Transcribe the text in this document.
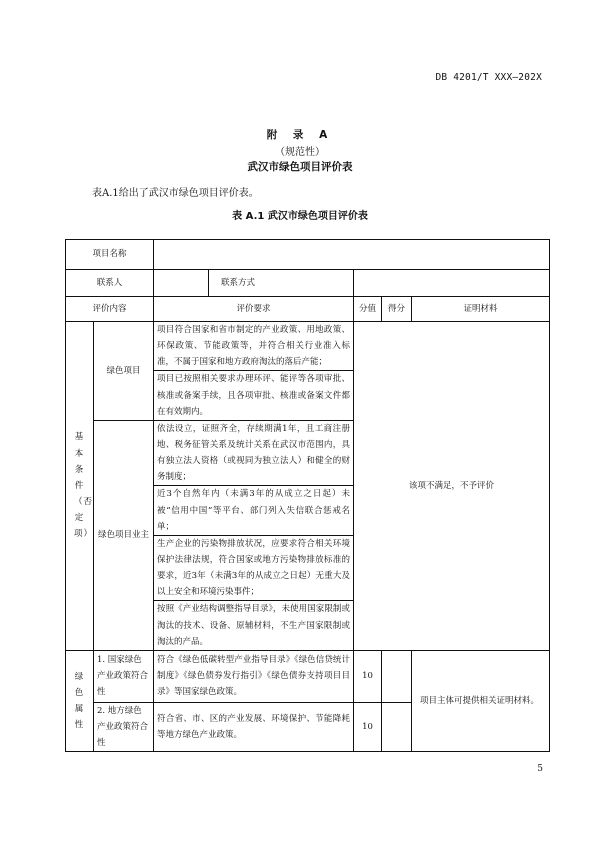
DB 4201/T XXX—202X
附 录 A
（规范性）
武汉市绿色项目评价表
表A.1给出了武汉市绿色项目评价表。
表 A.1 武汉市绿色项目评价表
项目名称						
联系人			联系方式			
评价内容		评价要求		分值	得分	证明材料
基本条件（否定项）	绿色项目	项目符合国家和省市制定的产业政策、用地政策、环保政策、节能政策等，并符合相关行业准入标准，不属于国家和地方政府淘汰的落后产能；		该项不满足，不予评价		
		项目已按照相关要求办理环评、能评等各项审批、核准或备案手续，且各项审批、核准或备案文件都在有效期内。				
	绿色项目业主	依法设立，证照齐全，存续期满1年，且工商注册地、税务征管关系及统计关系在武汉市范围内，具有独立法人资格（或视同为独立法人）和健全的财务制度；				
		近3个自然年内（未满3年的从成立之日起）未被“信用中国”等平台、部门列入失信联合惩戒名单；				
		生产企业的污染物排放状况，应要求符合相关环境保护法律法规，符合国家或地方污染物排放标准的要求，近3年（未满3年的从成立之日起）无重大及以上安全和环境污染事件；				
		按照《产业结构调整指导目录》，未使用国家限制或淘汰的技术、设备、原辅材料，不生产国家限制或淘汰的产品。				
绿色属性	1. 国家绿色产业政策符合性	符合《绿色低碳转型产业指导目录》《绿色信贷统计制度》《绿色债券发行指引》《绿色债券支持项目目录》等国家绿色政策。		10		项目主体可提供相关证明材料。
	2. 地方绿色产业政策符合性	符合省、市、区的产业发展、环境保护、节能降耗等地方绿色产业政策。		10		
5
